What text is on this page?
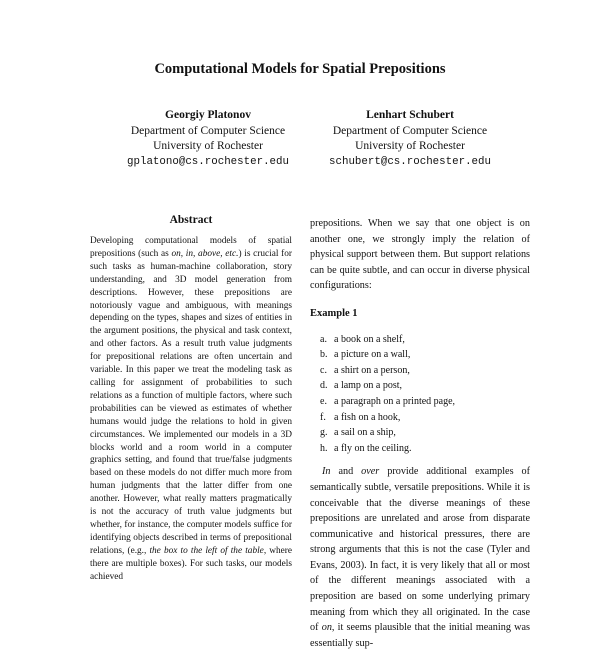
Computational Models for Spatial Prepositions
Georgiy Platonov
Department of Computer Science
University of Rochester
gplatono@cs.rochester.edu
Lenhart Schubert
Department of Computer Science
University of Rochester
schubert@cs.rochester.edu
Abstract
Developing computational models of spatial prepositions (such as on, in, above, etc.) is crucial for such tasks as human-machine collaboration, story understanding, and 3D model generation from descriptions. However, these prepositions are notoriously vague and ambiguous, with meanings depending on the types, shapes and sizes of entities in the argument positions, the physical and task context, and other factors. As a result truth value judgments for prepositional relations are often uncertain and variable. In this paper we treat the modeling task as calling for assignment of probabilities to such relations as a function of multiple factors, where such probabilities can be viewed as estimates of whether humans would judge the relations to hold in given circumstances. We implemented our models in a 3D blocks world and a room world in a computer graphics setting, and found that true/false judgments based on these models do not differ much more from human judgments that the latter differ from one another. However, what really matters pragmatically is not the accuracy of truth value judgments but whether, for instance, the computer models suffice for identifying objects described in terms of prepositional relations, (e.g., the box to the left of the table, where there are multiple boxes). For such tasks, our models achieved

prepositions. When we say that one object is on another one, we strongly imply the relation of physical support between them. But support relations can be quite subtle, and can occur in diverse physical configurations:

Example 1
a. a book on a shelf,
b. a picture on a wall,
c. a shirt on a person,
d. a lamp on a post,
e. a paragraph on a printed page,
f. a fish on a hook,
g. a sail on a ship,
h. a fly on the ceiling.

In and over provide additional examples of semantically subtle, versatile prepositions. While it is conceivable that the diverse meanings of these prepositions are unrelated and arose from disparate communicative and historical pressures, there are strong arguments that this is not the case (Tyler and Evans, 2003). In fact, it is very likely that all or most of the different meanings associated with a preposition are based on some underlying primary meaning from which they all originated. In the case of on, it seems plausible that the initial meaning was essentially sup-
